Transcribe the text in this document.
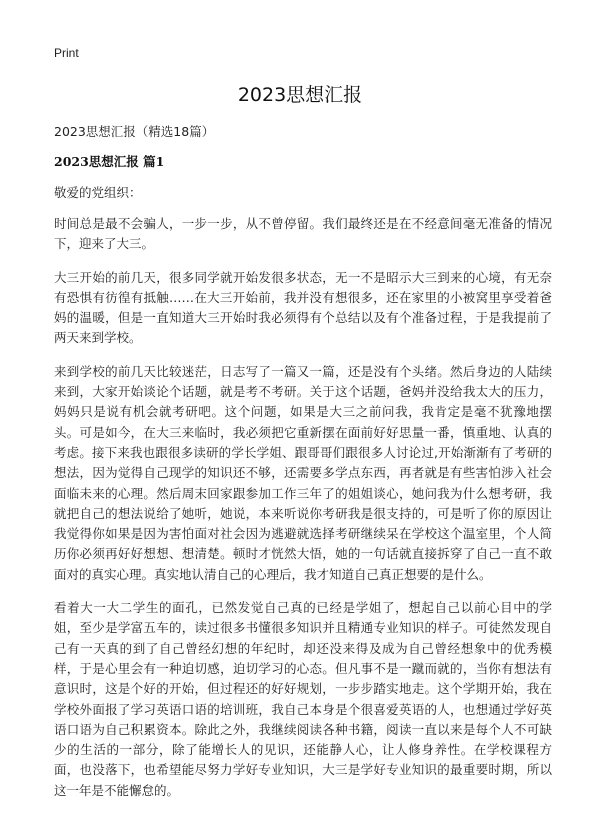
Print
2023思想汇报
2023思想汇报（精选18篇）
2023思想汇报 篇1
敬爱的党组织：

时间总是最不会骗人，一步一步，从不曾停留。我们最终还是在不经意间毫无准备的情况下，迎来了大三。

大三开始的前几天，很多同学就开始发很多状态，无一不是昭示大三到来的心境，有无奈有恐惧有彷徨有抵触……在大三开始前，我并没有想很多，还在家里的小被窝里享受着爸妈的温暖，但是一直知道大三开始时我必须得有个总结以及有个准备过程，于是我提前了两天来到学校。

来到学校的前几天比较迷茫，日志写了一篇又一篇，还是没有个头绪。然后身边的人陆续来到，大家开始谈论个话题，就是考不考研。关于这个话题，爸妈并没给我太大的压力，妈妈只是说有机会就考研吧。这个问题，如果是大三之前问我，我肯定是毫不犹豫地摆头。可是如今，在大三来临时，我必须把它重新摆在面前好好思量一番，慎重地、认真的考虑。接下来我也跟很多读研的学长学姐、跟哥哥们跟很多人讨论过,开始渐渐有了考研的想法，因为觉得自己现学的知识还不够，还需要多学点东西，再者就是有些害怕涉入社会面临未来的心理。然后周末回家跟参加工作三年了的姐姐谈心，她问我为什么想考研，我就把自己的想法说给了她听，她说，本来听说你考研我是很支持的，可是听了你的原因让我觉得你如果是因为害怕面对社会因为逃避就选择考研继续呆在学校这个温室里，个人简历你必须再好好想想、想清楚。顿时才恍然大悟，她的一句话就直接拆穿了自己一直不敢面对的真实心理。真实地认清自己的心理后，我才知道自己真正想要的是什么。

看着大一大二学生的面孔，已然发觉自己真的已经是学姐了，想起自己以前心目中的学姐，至少是学富五车的，读过很多书懂很多知识并且精通专业知识的样子。可徒然发现自己有一天真的到了自己曾经幻想的年纪时，却还没来得及成为自己曾经想象中的优秀模样，于是心里会有一种迫切感，迫切学习的心态。但凡事不是一蹴而就的，当你有想法有意识时，这是个好的开始，但过程还的好好规划，一步步踏实地走。这个学期开始，我在学校外面报了学习英语口语的培训班，我自己本身是个很喜爱英语的人，也想通过学好英语口语为自己积累资本。除此之外，我继续阅读各种书籍，阅读一直以来是每个人不可缺少的生活的一部分，除了能增长人的见识，还能静人心，让人修身养性。在学校课程方面，也没落下，也希望能尽努力学好专业知识，大三是学好专业知识的最重要时期，所以这一年是不能懈怠的。
